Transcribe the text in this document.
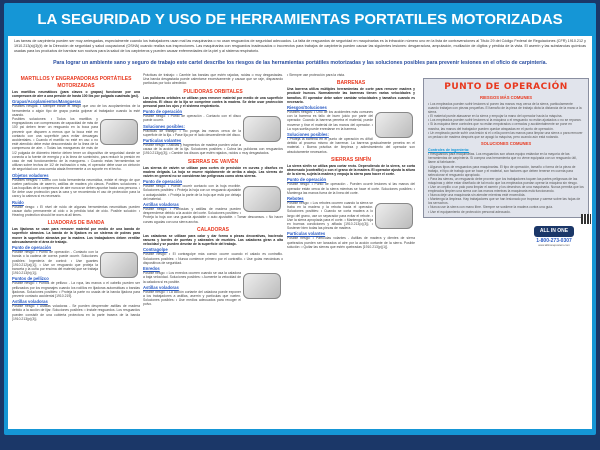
LA SEGURIDAD Y USO DE HERRAMIENTAS PORTATILES MOTORIZADAS

Las tareas de carpintería pueden ser muy arriesgadas, especialmente cuando los trabajadores usan mal las maquinarias o no usan resguardos de seguridad adecuados. La falta de resguardos de seguridad en maquinarias es la infracción número uno en la lista de contravenciones al Título 29 del Código Federal de Regulaciones (CFR) 1910.212 y 1910.213(a)(3)(ii) de la Dirección de seguridad y salud ocupacional (OSHA) cuando realiza sus inspecciones. Las maquinarias con resguardos inadecuados o incorrectos para trabajos de carpintería pueden causar las siguientes lesiones: desgarradura, amputación, mutilación de dígitos y pérdida de la vista. El aserrín y las substancias químicas usadas para los productos de barnizar son nocivos para la salud de los carpinteros y pueden causar enfermedades de la piel y al sistema respiratorio.

Para lograr un ambiente sano y seguro de trabajo este cartel describe los riesgos de las herramientas portátiles motorizadas y las soluciones posibles para prevenir lesiones en el oficio de carpintería.

MARTILLOS Y ENGRAPADORAS PORTÁTILES MOTORIZADAS
Los martillos neumáticos (para clavos o grapas) funcionan por una compresora de aire a una presión de hasta 100 lbs por pulgada cuadrada (psi).
Grapas/Acoplamientos/Mangueras
Posibles riesgos: • Siempre existe el riesgo que uno de los acoplamientos de la herramienta o algún tipo de grapa pueda golpear al trabajador cuando la esté usando.
Posibles soluciones: • Todos los martillos y engrapadoras con compresoras de capacidad de más de 100 psi deben tener un resguardo en la boca para prevenir que disparen a menos que la boca esté en contacto con una superficie para evitar descargas accidentales. • Cuando el martillo no esté en uso o no esté atendido debe estar desconectado de la línea de la compresora de aire. • Todas las mangueras de más de 1/2 pulgada de diámetro interior deben tener un dispositivo de seguridad donde se conecta a la fuente de energía y a la línea de suministro, para reducir la presión en caso de mal funcionamiento de la manguera. • Cuando estas herramientas se utilizan sobre techos de 1/2 de inclinación o más, el operador debe usar un cinturón de seguridad con una cuerda atada firmemente a un soporte en el techo.
Objetos voladores
Posibles riesgos: • Como con toda herramienta neumática, existe el riesgo de que vuelen partículas de aserrín, astillas de madera y/o clavos. Posibles soluciones: • Las boquillas de la compresora de aire nunca se deben apuntar hacia una persona. • Se debe usar protección para la cara y se recomienda el uso de protección para la cara y la cabeza si es necesario.
Ruido
Posible riesgo: • El nivel de ruido de algunas herramientas neumáticas pueden causar daño permanente al oído o la pérdida total de oído. Posible solución: • Hearing protection should be worn at all times.
LIJADORAS DE BANDA
Las lijadoras se usan para remover material por medio de una banda de superficie abrasiva. La banda de la lijadora es un sistema de poleas para mover la superficie abrasiva por la madera. Los trabajadores deben ventilar adecuadamente el área de trabajo.
Punto de operación
Posible riesgo: • Punto de operación - Contacto con la banda o la cadena de correa puede ocurrir. Soluciones posibles: Ingeniería de control: • Use guantes [1910.212(a)(1)]. • Use un resguardo que proteja la banceta y la cuña por encima del material que se trabaja [1910.213(h)(1)].
Puntos de pellizco
Posible riesgo: • Puntos de pellizco - La ropa, las manos o el cabello pueden ser pellizcados por los engranajes cuando los rodillos en lijadoras automáticas o bandas lijadoras. Soluciones posibles: • Proteja la parte no usada de la banda lijadora para prevenir contacto accidental [1910.219].
Astillas voladoras
Posible riesgo: • Astillas voladoras - Se pueden desprender astillas de madera debido a la acción de lijar. Soluciones posibles: • Instale resguardos. Los resguardos pueden consistir de una cubierta protectora en la parte trasera de la banda [1910.213(p)(3)].
Prácticas de trabajo: • Cambie las bandas que estén rajadas, raídas o muy desgastadas. Una banda desgastada puede calentarse excesivamente y causar que se raje, disparando partículas por todo alrededor.
PULIDORAS ORBITALES
Las pulidoras orbitales se utilizan para remover material por medio de una superficie abrasiva. El disco de la lija se comprime contra la madera. Se debe usar protección personal para los ojos y el sistema respiratorio.
Punto de operación
Posible riesgo: • Punto de operación - Contacto con el disco puede ocurrir.
Soluciones posibles:
Prácticas de trabajo: • No ponga las manos cerca de la superficie de la lija. • Pase lija por el lado descendiente del disco.
Partículas volantes
Posible riesgo: • Astillas y fragmentos de madera pueden volar a causa de la acción de la lija. Soluciones posibles: • Cubra las pulidoras con resguardos [1910.213(p)(3)]. • Cambie los discos que estén rajados, raídos o muy desgastados.
SIERRAS DE VAIVÉN
Las sierras de vaivén se utilizan para cortes de precisión en curvas y diseños en madera delgada. La hoja se mueve rápidamente de arriba a abajo. Las sierras de vaivén en general no se consideran tan peligrosas como otras sierras.
Punto de operación
Posible riesgo: • Puede ocurrir contacto con la hoja movible. Soluciones posibles: • Proteja la hoja con un resguardo ajustable o autoajustable. • Proteja la parte de la hoja que está por debajo del material.
Astillas voladoras
Posible riesgo: • Partículas y astillas de madera pueden desprenderse debido a la acción del corte. Soluciones posibles: • Proteja la hoja con una guarda ajustable o auto ajustable. • Tomar descansos. • No hacer curvas agudas con una sierra ancha.
CALADORAS
Las caladoras se utilizan para calar y dar forma a piezas decorativas, haciendo ranuras y bordes de puertas y cabezales de muebles. Las caladoras giran a alta velocidad y se pueden desviar de la superficie del trabajo.
Contragolpe
Posible riesgo: • El contragolpe más común ocurre cuando el calado es contrafilo. Soluciones posibles: • Nunca comience primero por el contrafilo. • Use guías mecánicas o dispositivos de seguridad.
Enredos
Posible riesgo: • Los enredos ocurren cuando se usa la caladora a baja velocidad. Soluciones posibles: • Aumente la velocidad de la caladora si es posible.
Astillas voladoras
Posible riesgo: • La acción cortante del caladora puede exponer a los trabajadores a astillas, aserrín y partículas que vuelen. Soluciones posibles: • Use medios adecuados para recoger el polvo.
• Siempre use protección para la vista.
BARRENAS
Una barrena utiliza múltiples herramientas de corte para remover madera y producir huecos. Normalmente las barrenas tienen varias velocidades y tamaños. El operador debe saber cambiar velocidades y tamaños cuando es necesario.
Riesgos/Soluciones
Posibles riesgos: • Uno de los accidentes más comunes con la barrena es fallo de buen juicio por parte del operador. Cuando la barrena penetra el material, puede moverse y tirar el material de las manos del operador. • La ropa suelta puede enredarse en la barrena.
Soluciones posibles:
• Proteja la barrena en el punto de operación es difícil debido al proceso mismo de barrenar. La barrena gradualmente penetra en el material. • Buena práctica de limpieza y adiestramiento del operador son absolutamente necesarios.
SIERRAS SINFÍN
La sierra sinfín se utiliza para cortar recto. Dependiendo de la sierra, se corta atravesado (contrafilo) o con el grano de la madera. El operador ajusta la altura de la sierra, sujeta la madera y empuja la sierra para hacer el corte.
Punto de operación
Posible riesgo: • Punto de operación - Pueden ocurrir lesiones si las manos del operador están cerca de la sierra mientras se hace el corte. Soluciones posibles: • Mantenga las manos fuera de la línea del corte.
Rebotes
Posible riesgo: • Los rebotes ocurren cuando la sierra se traba en la madera y la rebota hacia el operador. Soluciones posibles: • Cuando se corta madera a lo largo del grano, use un separador para evitar el rebote. • Use la sierra apropiada para el corte. • Mantenga la hoja en buenas condiciones y afilada [1910.213(c)(3)]. • Sostener bien todas las piezas de madera.
Partículas volantes
Posible riesgo: • Partículas volantes - Astillas de madera y dientes de sierra quebrados pueden ser lanzados al aire por la acción cortante de la sierra. Posible solución: • Quitar las sierras que estén quebradas [1910.213(p)(1)].
PUNTO DE OPERACIÓN
RIESGOS MÁS COMUNES

• Los empleados pueden sufrir lesiones si ponen las manos muy cerca de la sierra, particularmente cuando trabajan con piezas pequeñas. El tamaño de la pieza de trabajo dicta la distancia de la mano a la sierra.

• El material puede atascarse en la sierra y empujar la mano del operador hacia la máquina.

• Los empleados pueden sufrir lesiones si la máquina o el resguardo no están ajustados o no se reparan.

• Si la máquina tiene controles que no están empotrados o cerrados y accidentalmente se pone en marcha, las manos del trabajador pueden quedar atrapadas en el punto de operación.

• Un empleado puede sufrir una lesión si el o ella ponen las manos para limpiar una sierra o para remover un pedazo de madera después que se apagó la máquina, pero cuando aún está rodando.

SOLUCIONES COMUNES
Controles de ingeniería:

• Resguardos para maquinarias. Los resguardos son ahora equipo estándar en la mayoría de las herramientas de carpintería. Si compra una herramienta que no viene equipada con un resguardo útil, llame al fabricante.

• Algunos tipos de resguardos para maquinarias. El tipo de operación, tamaño o forma de la pieza de trabajo, el tipo de trabajo que se hace y el material, son factores que deben tenerse en cuenta para seleccionar el resguardo apropiado.

• Para las sierras, un resguardo debe proveer que los trabajadores toquen las partes peligrosas de las máquinas y debe estar diseñado de tal modo que los empleados puedan operar la máquina sin riesgo.

• Use un cepillo o un palo para limpiar el aserrín y los desechos de una maquinaria. Nunca permita que los empleados limpien una sierra con las manos mientras la maquinaria está funcionando.

• Nunca deje una maquinaria sin atender mientras esté encendida.

• Mantenga la limpieza. Hay trabajadores que se han lesionado por tropezar y caerse sobre las hojas de los serruchos.

• Nunca use la sierra con mano libre. Siempre se sostiene la madera contra una guía.

• Use el equipamiento de protección personal adecuado.

ALL IN ONE
1-800-273-0307
www.allinoneposters.com
